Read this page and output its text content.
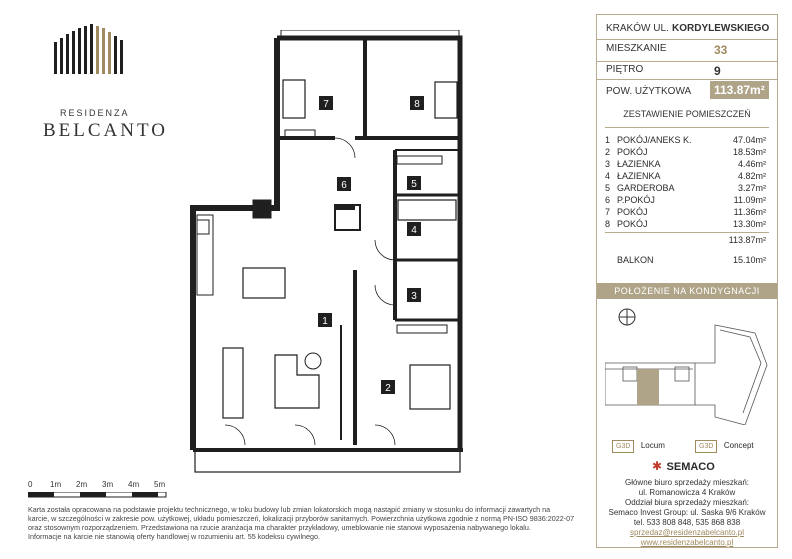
RESIDENZA
BELCANTO
1
2
3
4
5
6
7	8
0 1m 2m 3m 4m 5m
Karta została opracowana na podstawie projektu technicznego, w toku budowy lub zmian lokatorskich mogą nastąpić zmiany w stosunku do informacji zawartych na
karcie, w szczególności w zakresie pow. użytkowej, układu pomieszczeń, lokalizacji przyborów sanitarnych. Powierzchnia użytkowa zgodnie z normą PN-ISO 9836:2022-07
oraz stosownym rozporządzeniem. Przedstawiona na rzucie aranżacja ma charakter przykładowy, umeblowanie nie stanowi wyposażenia nabywanego lokalu.
Informacje na karcie nie stanowią oferty handlowej w rozumieniu art. 55 kodeksu cywilnego.
KRAKÓW UL. KORDYLEWSKIEGO
MIESZKANIE	33
PIĘTRO	9
POW. UŻYTKOWA	113.87m²
ZESTAWIENIE POMIESZCZEŃ
1 POKÓJ/ANEKS K.	47.04m²
2 POKÓJ	18.53m²
3 ŁAZIENKA	4.46m²
4 ŁAZIENKA	4.82m²
5 GARDEROBA	3.27m²
6 P.POKÓJ	11.09m²
7 POKÓJ	11.36m²
8 POKÓJ	13.30m²
113.87m²
BALKON	15.10m²
POŁOŻENIE NA KONDYGNACJI
G3D Locum	G3D Concept
✱ SEMACO
Główne biuro sprzedaży mieszkań:
ul. Romanowicza 4 Kraków
Oddział biura sprzedaży mieszkań:
Semaco Invest Group: ul. Saska 9/6 Kraków
tel. 533 808 848, 535 868 838
sprzedaz@residenzabelcanto.pl
www.residenzabelcanto.pl
